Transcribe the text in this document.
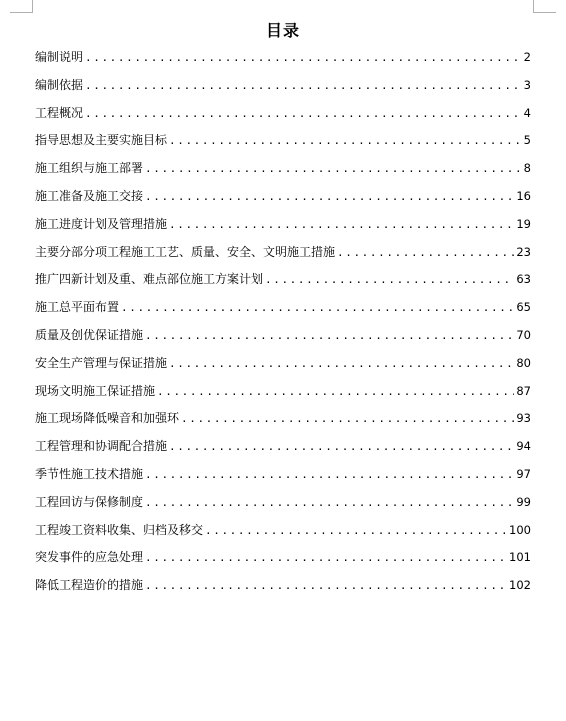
目录
编制说明 .....	2
编制依据 .....	3
工程概况 .....	4
指导思想及主要实施目标 .....	5
施工组织与施工部署 .....	8
施工准备及施工交接 .....	16
施工进度计划及管理措施 .....	19
主要分部分项工程施工工艺、质量、安全、文明施工措施 .....	23
推广四新计划及重、难点部位施工方案计划 .....	63
施工总平面布置 .....	65
质量及创优保证措施 .....	70
安全生产管理与保证措施 .....	80
现场文明施工保证措施 .....	87
施工现场降低噪音和加强环 .....	93
工程管理和协调配合措施 .....	94
季节性施工技术措施 .....	97
工程回访与保修制度 .....	99
工程竣工资料收集、归档及移交 .....	100
突发事件的应急处理 .....	101
降低工程造价的措施 .....	102
